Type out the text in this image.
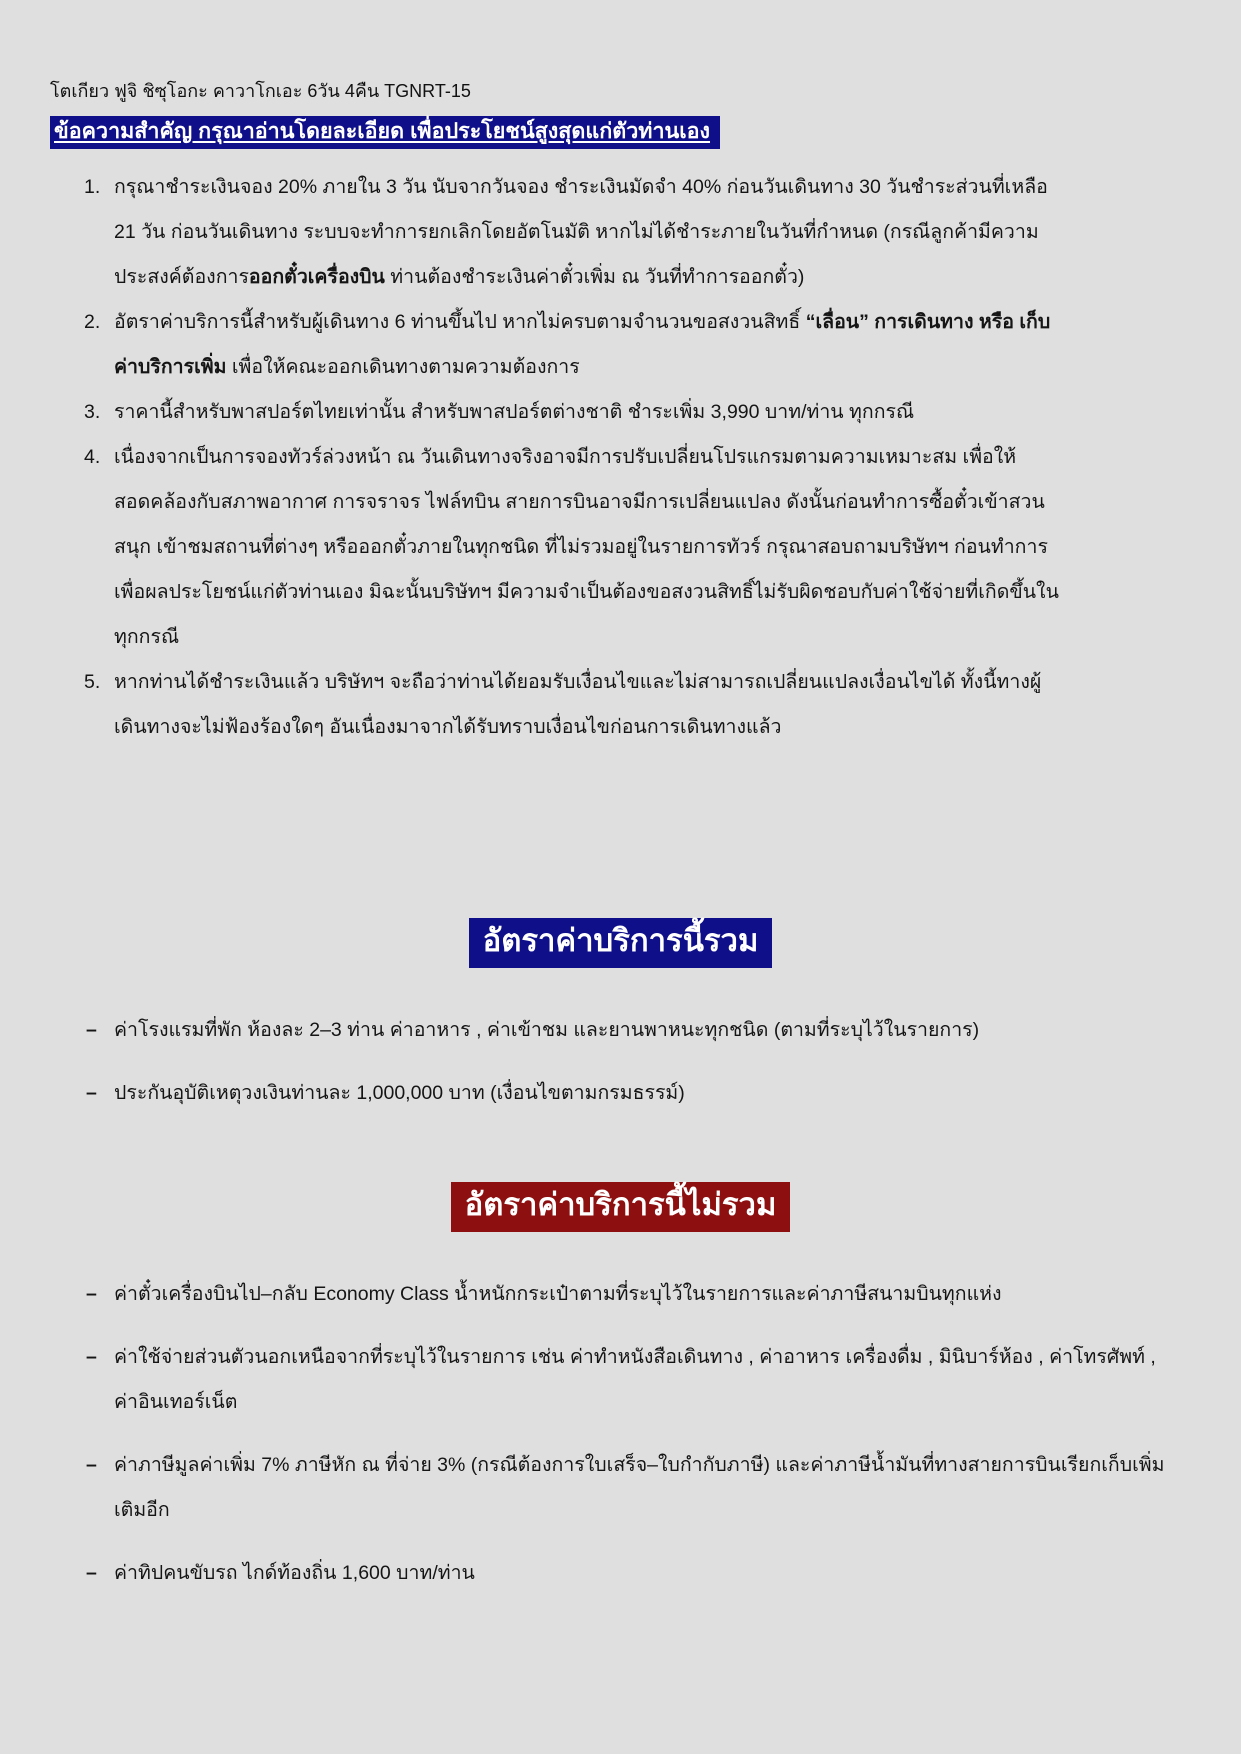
โตเกียว ฟูจิ ชิซุโอกะ คาวาโกเอะ 6วัน 4คืน TGNRT-15
ข้อความสำคัญ กรุณาอ่านโดยละเอียด เพื่อประโยชน์สูงสุดแก่ตัวท่านเอง
1. กรุณาชำระเงินจอง 20% ภายใน 3 วัน นับจากวันจอง ชำระเงินมัดจำ 40% ก่อนวันเดินทาง 30 วันชำระส่วนที่เหลือ 21 วัน ก่อนวันเดินทาง ระบบจะทำการยกเลิกโดยอัตโนมัติ หากไม่ได้ชำระภายในวันที่กำหนด (กรณีลูกค้ามีความประสงค์ต้องการออกตั๋วเครื่องบิน ท่านต้องชำระเงินค่าตั๋วเพิ่ม ณ วันที่ทำการออกตั๋ว)
2. อัตราค่าบริการนี้สำหรับผู้เดินทาง 6 ท่านขึ้นไป หากไม่ครบตามจำนวนขอสงวนสิทธิ์ “เลื่อน” การเดินทาง หรือ เก็บค่าบริการเพิ่ม เพื่อให้คณะออกเดินทางตามความต้องการ
3. ราคานี้สำหรับพาสปอร์ตไทยเท่านั้น สำหรับพาสปอร์ตต่างชาติ ชำระเพิ่ม 3,990 บาท/ท่าน ทุกกรณี
4. เนื่องจากเป็นการจองทัวร์ล่วงหน้า ณ วันเดินทางจริงอาจมีการปรับเปลี่ยนโปรแกรมตามความเหมาะสม เพื่อให้สอดคล้องกับสภาพอากาศ การจราจร ไฟล์ทบิน สายการบินอาจมีการเปลี่ยนแปลง ดังนั้นก่อนทำการซื้อตั๋วเข้าสวนสนุก เข้าชมสถานที่ต่างๆ หรือออกตั๋วภายในทุกชนิด ที่ไม่รวมอยู่ในรายการทัวร์ กรุณาสอบถามบริษัทฯ ก่อนทำการ เพื่อผลประโยชน์แก่ตัวท่านเอง มิฉะนั้นบริษัทฯ มีความจำเป็นต้องขอสงวนสิทธิ์ไม่รับผิดชอบกับค่าใช้จ่ายที่เกิดขึ้นในทุกกรณี
5. หากท่านได้ชำระเงินแล้ว บริษัทฯ จะถือว่าท่านได้ยอมรับเงื่อนไขและไม่สามารถเปลี่ยนแปลงเงื่อนไขได้ ทั้งนี้ทางผู้เดินทางจะไม่ฟ้องร้องใดๆ อันเนื่องมาจากได้รับทราบเงื่อนไขก่อนการเดินทางแล้ว
อัตราค่าบริการนี้รวม
– ค่าโรงแรมที่พัก ห้องละ 2–3 ท่าน ค่าอาหาร , ค่าเข้าชม และยานพาหนะทุกชนิด (ตามที่ระบุไว้ในรายการ)
– ประกันอุบัติเหตุวงเงินท่านละ 1,000,000 บาท (เงื่อนไขตามกรมธรรม์)
อัตราค่าบริการนี้ไม่รวม
– ค่าตั๋วเครื่องบินไป–กลับ Economy Class น้ำหนักกระเป๋าตามที่ระบุไว้ในรายการและค่าภาษีสนามบินทุกแห่ง
– ค่าใช้จ่ายส่วนตัวนอกเหนือจากที่ระบุไว้ในรายการ เช่น ค่าทำหนังสือเดินทาง , ค่าอาหาร เครื่องดื่ม , มินิบาร์ห้อง , ค่าโทรศัพท์ , ค่าอินเทอร์เน็ต
– ค่าภาษีมูลค่าเพิ่ม 7% ภาษีหัก ณ ที่จ่าย 3% (กรณีต้องการใบเสร็จ–ใบกำกับภาษี) และค่าภาษีน้ำมันที่ทางสายการบินเรียกเก็บเพิ่มเติมอีก
– ค่าทิปคนขับรถ ไกด์ท้องถิ่น 1,600 บาท/ท่าน
